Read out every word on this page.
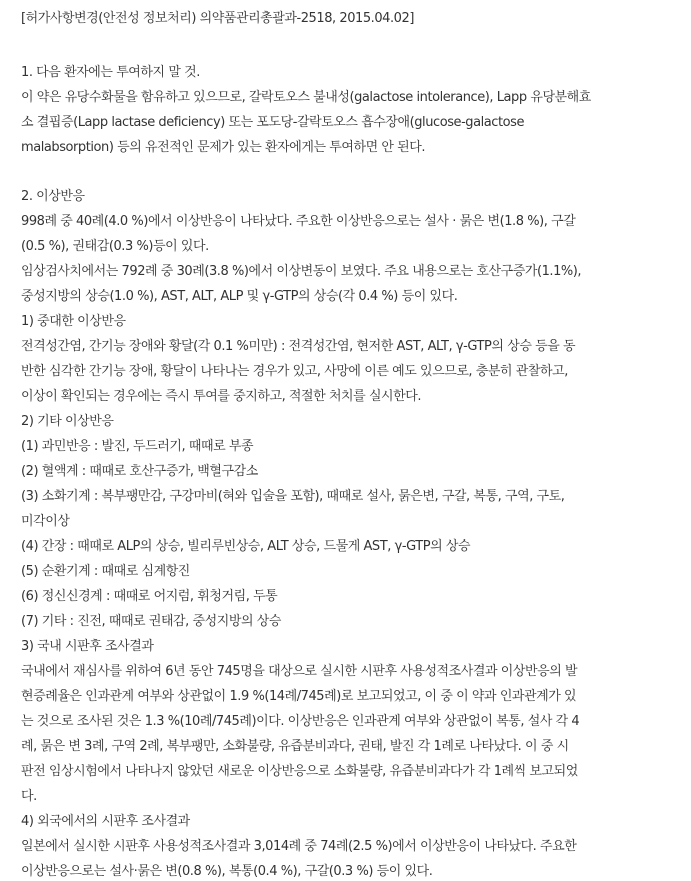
[허가사항변경(안전성 정보처리) 의약품관리총괄과-2518, 2015.04.02]
1. 다음 환자에는 투여하지 말 것.
이 약은 유당수화물을 함유하고 있으므로, 갈락토오스 불내성(galactose intolerance), Lapp 유당분해효
소 결핍증(Lapp lactase deficiency) 또는 포도당-갈락토오스 흡수장애(glucose-galactose
malabsorption) 등의 유전적인 문제가 있는 환자에게는 투여하면 안 된다.
2. 이상반응
998례 중 40례(4.0 %)에서 이상반응이 나타났다. 주요한 이상반응으로는 설사 · 묽은 변(1.8 %), 구갈
(0.5 %), 권태감(0.3 %)등이 있다.
임상검사치에서는 792례 중 30례(3.8 %)에서 이상변동이 보였다. 주요 내용으로는 호산구증가(1.1%),
중성지방의 상승(1.0 %), AST, ALT, ALP 및 γ-GTP의 상승(각 0.4 %) 등이 있다.
1) 중대한 이상반응
전격성간염, 간기능 장애와 황달(각 0.1 %미만) : 전격성간염, 현저한 AST, ALT, γ-GTP의 상승 등을 동
반한 심각한 간기능 장애, 황달이 나타나는 경우가 있고, 사망에 이른 예도 있으므로, 충분히 관찰하고,
이상이 확인되는 경우에는 즉시 투여를 중지하고, 적절한 처치를 실시한다.
2) 기타 이상반응
(1) 과민반응 : 발진, 두드러기, 때때로 부종
(2) 혈액계 : 때때로 호산구증가, 백혈구감소
(3) 소화기계 : 복부팽만감, 구강마비(혀와 입술을 포함), 때때로 설사, 묽은변, 구갈, 복통, 구역, 구토,
미각이상
(4) 간장 : 때때로 ALP의 상승, 빌리루빈상승, ALT 상승, 드물게 AST, γ-GTP의 상승
(5) 순환기계 : 때때로 심계항진
(6) 정신신경계 : 때때로 어지럼, 휘청거림, 두통
(7) 기타 : 진전, 때때로 권태감, 중성지방의 상승
3) 국내 시판후 조사결과
국내에서 재심사를 위하여 6년 동안 745명을 대상으로 실시한 시판후 사용성적조사결과 이상반응의 발
현증례율은 인과관계 여부와 상관없이 1.9 %(14례/745례)로 보고되었고, 이 중 이 약과 인과관계가 있
는 것으로 조사된 것은 1.3 %(10례/745례)이다. 이상반응은 인과관계 여부와 상관없이 복통, 설사 각 4
례, 묽은 변 3례, 구역 2례, 복부팽만, 소화불량, 유즙분비과다, 권태, 발진 각 1례로 나타났다. 이 중 시
판전 임상시험에서 나타나지 않았던 새로운 이상반응으로 소화불량, 유즙분비과다가 각 1례씩 보고되었
다.
4) 외국에서의 시판후 조사결과
일본에서 실시한 시판후 사용성적조사결과 3,014례 중 74례(2.5 %)에서 이상반응이 나타났다. 주요한
이상반응으로는 설사·묽은 변(0.8 %), 복통(0.4 %), 구갈(0.3 %) 등이 있다.
